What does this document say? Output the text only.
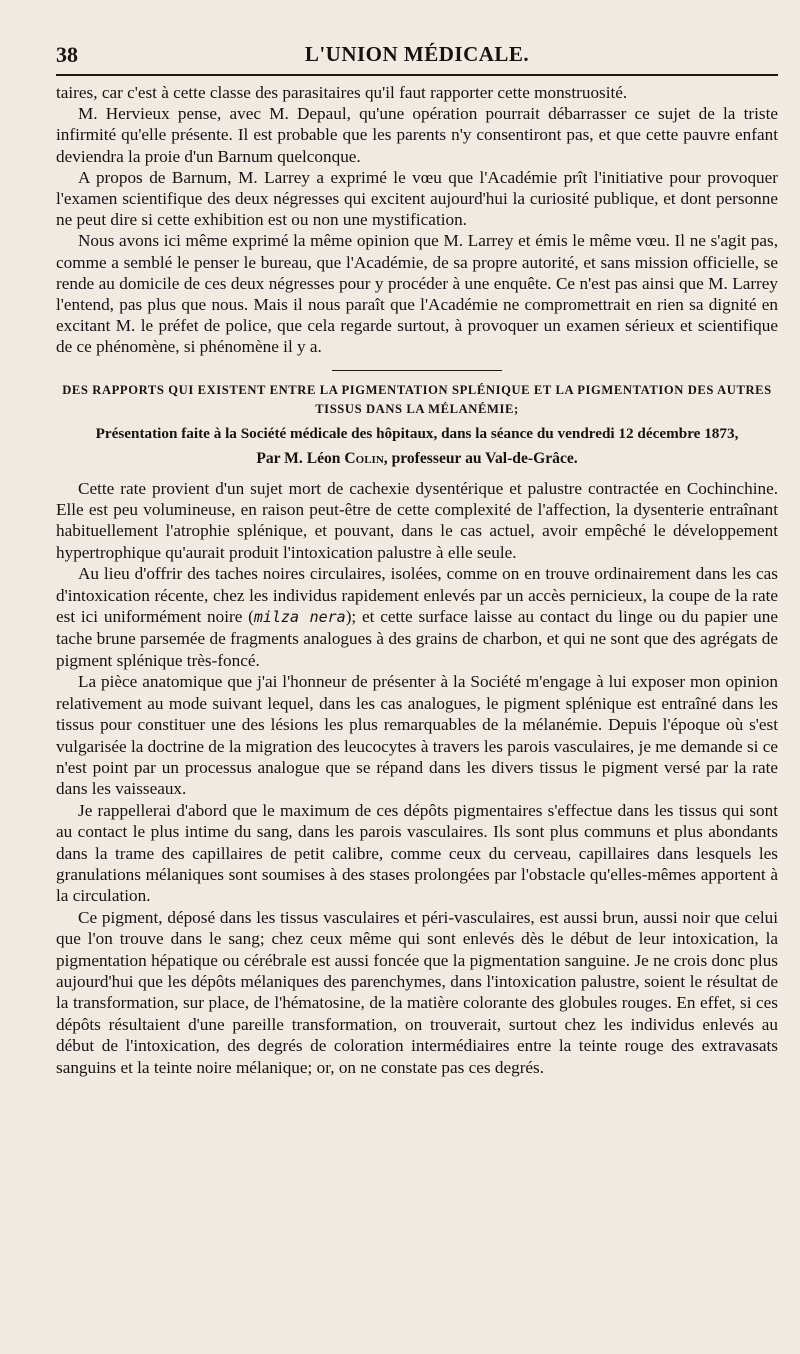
38	L'UNION MÉDICALE.

taires, car c'est à cette classe des parasitaires qu'il faut rapporter cette monstruosité.

M. Hervieux pense, avec M. Depaul, qu'une opération pourrait débarrasser ce sujet de la triste infirmité qu'elle présente. Il est probable que les parents n'y consentiront pas, et que cette pauvre enfant deviendra la proie d'un Barnum quelconque.

A propos de Barnum, M. Larrey a exprimé le vœu que l'Académie prît l'initiative pour provoquer l'examen scientifique des deux négresses qui excitent aujourd'hui la curiosité publique, et dont personne ne peut dire si cette exhibition est ou non une mystification.

Nous avons ici même exprimé la même opinion que M. Larrey et émis le même vœu. Il ne s'agit pas, comme a semblé le penser le bureau, que l'Académie, de sa propre autorité, et sans mission officielle, se rende au domicile de ces deux négresses pour y procéder à une enquête. Ce n'est pas ainsi que M. Larrey l'entend, pas plus que nous. Mais il nous paraît que l'Académie ne compromettrait en rien sa dignité en excitant M. le préfet de police, que cela regarde surtout, à provoquer un examen sérieux et scientifique de ce phénomène, si phénomène il y a.

DES RAPPORTS QUI EXISTENT ENTRE LA PIGMENTATION SPLÉNIQUE ET LA PIGMENTATION DES AUTRES TISSUS DANS LA MÉLANÉMIE;
Présentation faite à la Société médicale des hôpitaux, dans la séance du vendredi 12 décembre 1873,
Par M. Léon Colin, professeur au Val-de-Grâce.

Cette rate provient d'un sujet mort de cachexie dysentérique et palustre contractée en Cochinchine. Elle est peu volumineuse, en raison peut-être de cette complexité de l'affection, la dysenterie entraînant habituellement l'atrophie splénique, et pouvant, dans le cas actuel, avoir empêché le développement hypertrophique qu'aurait produit l'intoxication palustre à elle seule.

Au lieu d'offrir des taches noires circulaires, isolées, comme on en trouve ordinairement dans les cas d'intoxication récente, chez les individus rapidement enlevés par un accès pernicieux, la coupe de la rate est ici uniformément noire (milza nera); et cette surface laisse au contact du linge ou du papier une tache brune parsemée de fragments analogues à des grains de charbon, et qui ne sont que des agrégats de pigment splénique très-foncé.

La pièce anatomique que j'ai l'honneur de présenter à la Société m'engage à lui exposer mon opinion relativement au mode suivant lequel, dans les cas analogues, le pigment splénique est entraîné dans les tissus pour constituer une des lésions les plus remarquables de la mélanémie. Depuis l'époque où s'est vulgarisée la doctrine de la migration des leucocytes à travers les parois vasculaires, je me demande si ce n'est point par un processus analogue que se répand dans les divers tissus le pigment versé par la rate dans les vaisseaux.

Je rappellerai d'abord que le maximum de ces dépôts pigmentaires s'effectue dans les tissus qui sont au contact le plus intime du sang, dans les parois vasculaires. Ils sont plus communs et plus abondants dans la trame des capillaires de petit calibre, comme ceux du cerveau, capillaires dans lesquels les granulations mélaniques sont soumises à des stases prolongées par l'obstacle qu'elles-mêmes apportent à la circulation.

Ce pigment, déposé dans les tissus vasculaires et péri-vasculaires, est aussi brun, aussi noir que celui que l'on trouve dans le sang; chez ceux même qui sont enlevés dès le début de leur intoxication, la pigmentation hépatique ou cérébrale est aussi foncée que la pigmentation sanguine. Je ne crois donc plus aujourd'hui que les dépôts mélaniques des parenchymes, dans l'intoxication palustre, soient le résultat de la transformation, sur place, de l'hématosine, de la matière colorante des globules rouges. En effet, si ces dépôts résultaient d'une pareille transformation, on trouverait, surtout chez les individus enlevés au début de l'intoxication, des degrés de coloration intermédiaires entre la teinte rouge des extravasats sanguins et la teinte noire mélanique; or, on ne constate pas ces degrés.
